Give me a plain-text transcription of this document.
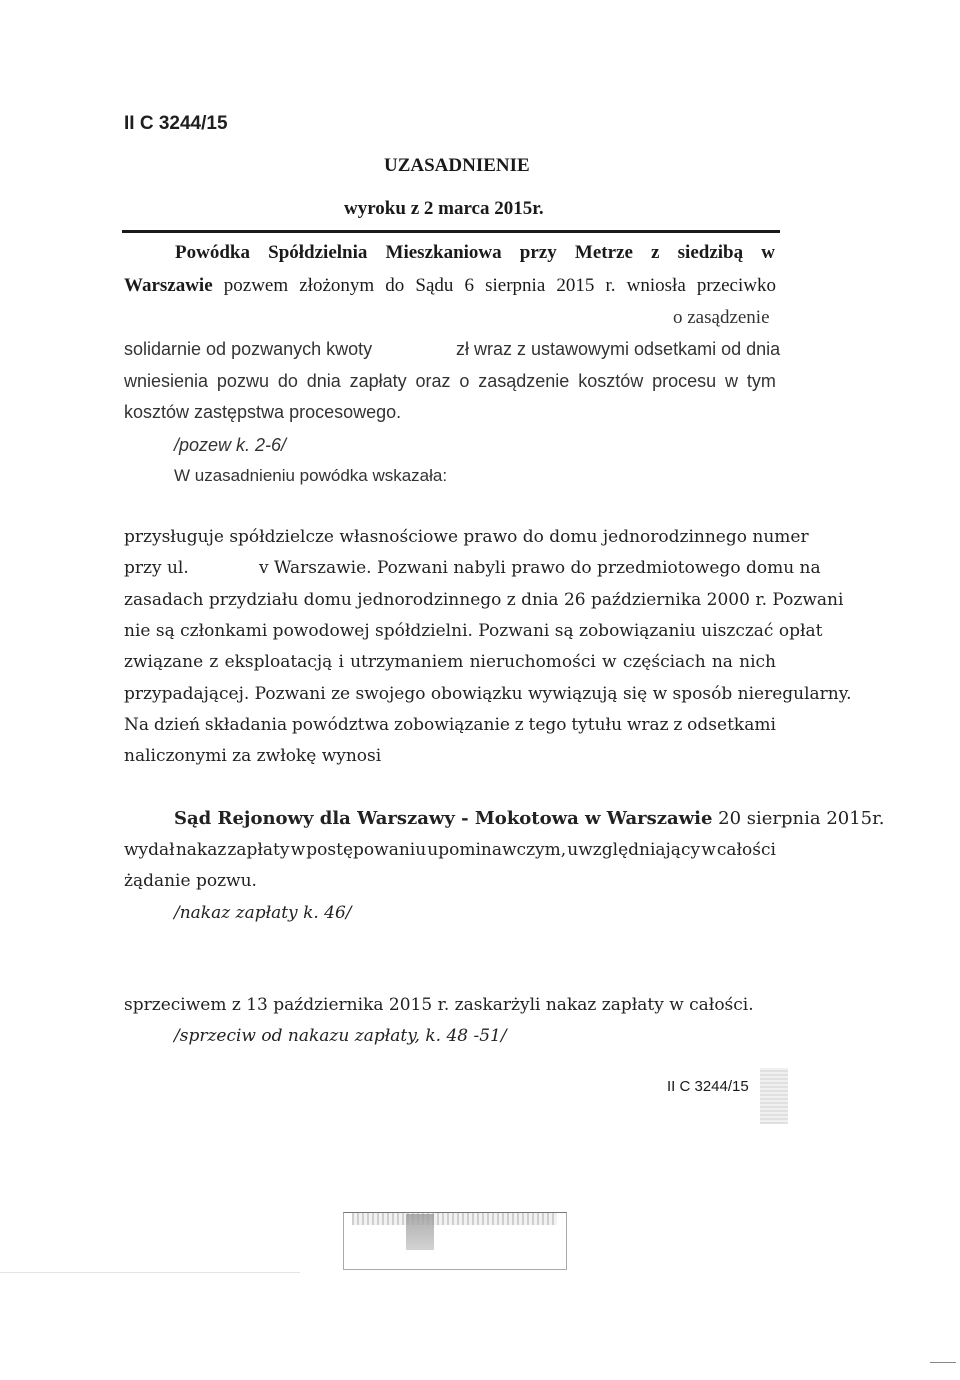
II C 3244/15
UZASADNIENIE
wyroku z 2 marca 2015r.
Powódka Spółdzielnia Mieszkaniowa przy Metrze z siedzibą w
Warszawie pozwem złożonym do Sądu 6 sierpnia 2015 r. wniosła przeciwko
o zasądzenie
solidarnie od pozwanych kwoty	zł wraz z ustawowymi odsetkami od dnia
wniesienia pozwu do dnia zapłaty oraz o zasądzenie kosztów procesu w tym
kosztów zastępstwa procesowego.
/pozew k. 2-6/
W uzasadnieniu powódka wskazała:
przysługuje spółdzielcze własnościowe prawo do domu jednorodzinnego numer
przy ul.	v Warszawie. Pozwani nabyli prawo do przedmiotowego domu na
zasadach przydziału domu jednorodzinnego z dnia 26 października 2000 r. Pozwani
nie są członkami powodowej spółdzielni. Pozwani są zobowiązaniu uiszczać opłat
związane z eksploatacją i utrzymaniem nieruchomości w częściach na nich
przypadającej. Pozwani ze swojego obowiązku wywiązują się w sposób nieregularny.
Na dzień składania powództwa zobowiązanie z tego tytułu wraz z odsetkami
naliczonymi za zwłokę wynosi
Sąd Rejonowy dla Warszawy - Mokotowa w Warszawie 20 sierpnia 2015r.
wydał nakaz zapłaty w postępowaniu upominawczym, uwzględniający w całości
żądanie pozwu.
/nakaz zapłaty k. 46/
sprzeciwem z 13 października 2015 r. zaskarżyli nakaz zapłaty w całości.
/sprzeciw od nakazu zapłaty, k. 48 -51/
II C 3244/15
